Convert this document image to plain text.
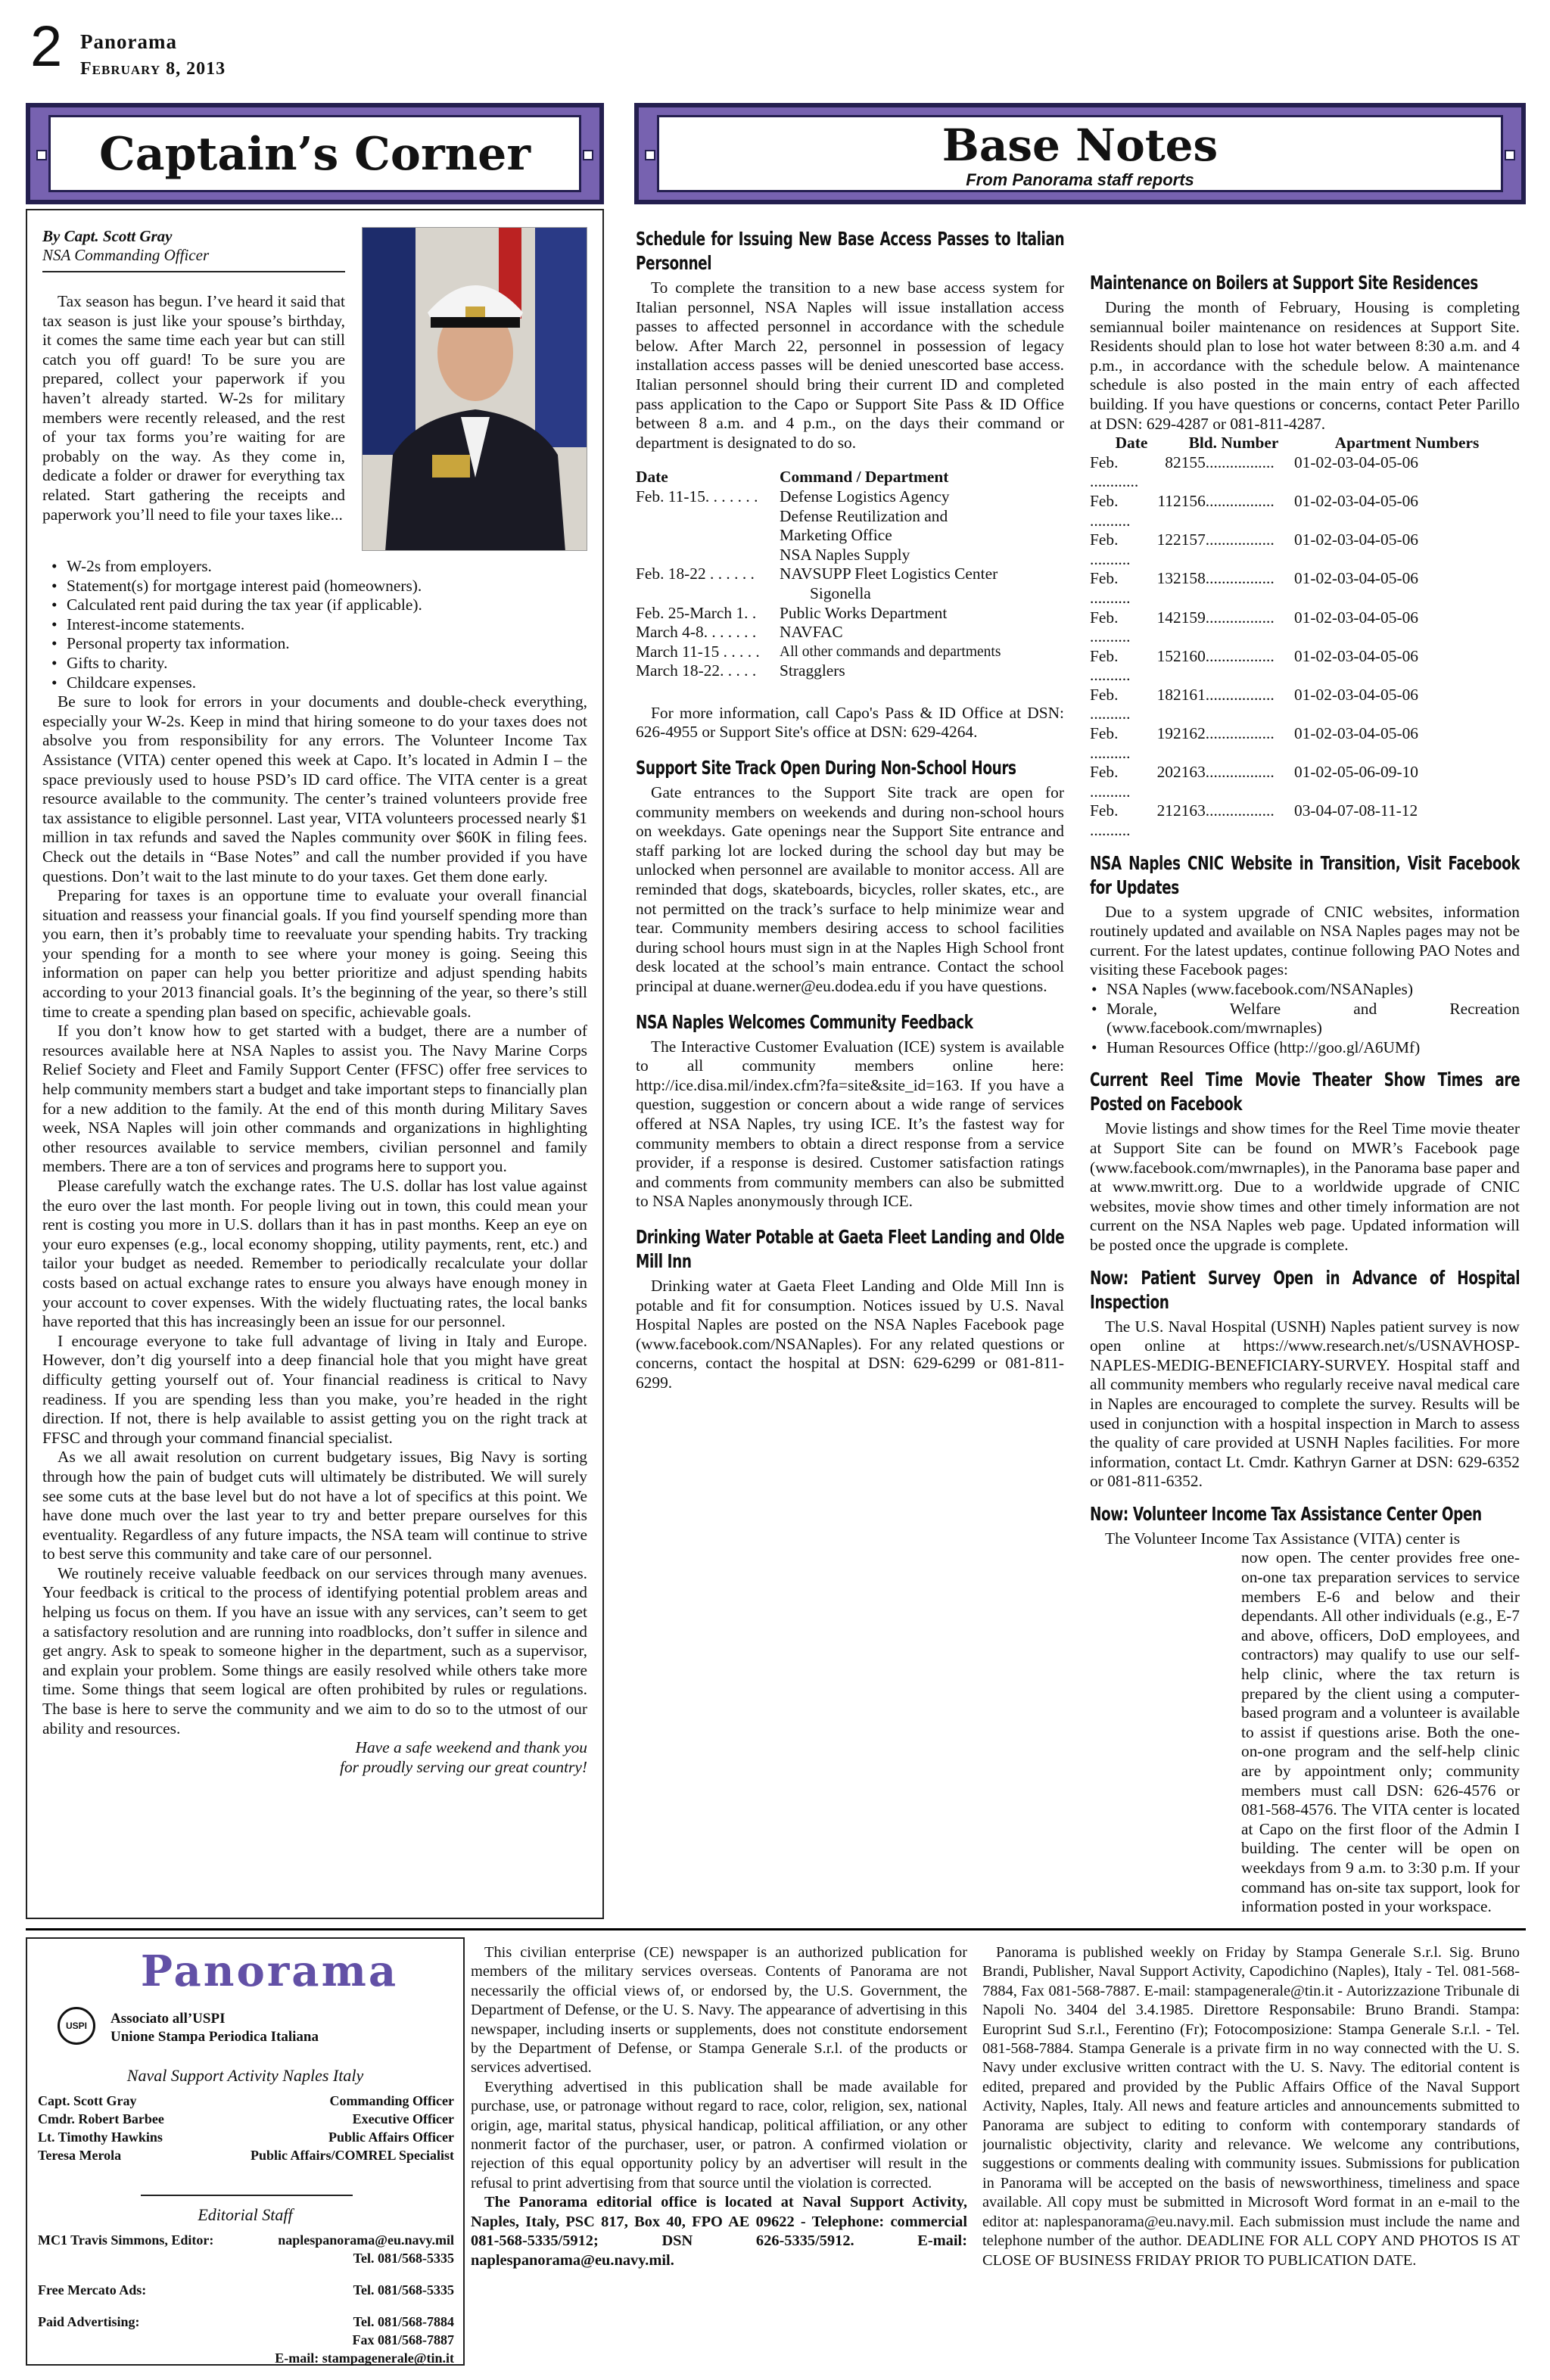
2 Panorama
February 8, 2013
Captain’s Corner	Base Notes
From Panorama staff reports
By Capt. Scott Gray
NSA Commanding Officer

Tax season has begun. I’ve heard it said that tax season is just like your spouse’s birthday, it comes the same time each year but can still catch you off guard! To be sure you are prepared, collect your paperwork if you haven’t already started. W-2s for military members were recently released, and the rest of your tax forms you’re waiting for are probably on the way. As they come in, dedicate a folder or drawer for everything tax related. Start gathering the receipts and paperwork you’ll need to file your taxes like...

• W-2s from employers.
• Statement(s) for mortgage interest paid (homeowners).
• Calculated rent paid during the tax year (if applicable).
• Interest-income statements.
• Personal property tax information.
• Gifts to charity.
• Childcare expenses.

Be sure to look for errors in your documents and double-check everything, especially your W-2s. Keep in mind that hiring someone to do your taxes does not absolve you from responsibility for any errors. The Volunteer Income Tax Assistance (VITA) center opened this week at Capo. It’s located in Admin I – the space previously used to house PSD’s ID card office. The VITA center is a great resource available to the community. The center’s trained volunteers provide free tax assistance to eligible personnel. Last year, VITA volunteers processed nearly $1 million in tax refunds and saved the Naples community over $60K in filing fees. Check out the details in “Base Notes” and call the number provided if you have questions. Don’t wait to the last minute to do your taxes. Get them done early.

Preparing for taxes is an opportune time to evaluate your overall financial situation and reassess your financial goals. If you find yourself spending more than you earn, then it’s probably time to reevaluate your spending habits. Try tracking your spending for a month to see where your money is going. Seeing this information on paper can help you better prioritize and adjust spending habits according to your 2013 financial goals. It’s the beginning of the year, so there’s still time to create a spending plan based on specific, achievable goals.

If you don’t know how to get started with a budget, there are a number of resources available here at NSA Naples to assist you. The Navy Marine Corps Relief Society and Fleet and Family Support Center (FFSC) offer free services to help community members start a budget and take important steps to financially plan for a new addition to the family. At the end of this month during Military Saves week, NSA Naples will join other commands and organizations in highlighting other resources available to service members, civilian personnel and family members. There are a ton of services and programs here to support you.

Please carefully watch the exchange rates. The U.S. dollar has lost value against the euro over the last month. For people living out in town, this could mean your rent is costing you more in U.S. dollars than it has in past months. Keep an eye on your euro expenses (e.g., local economy shopping, utility payments, rent, etc.) and tailor your budget as needed. Remember to periodically recalculate your dollar costs based on actual exchange rates to ensure you always have enough money in your account to cover expenses. With the widely fluctuating rates, the local banks have reported that this has increasingly been an issue for our personnel.

I encourage everyone to take full advantage of living in Italy and Europe. However, don’t dig yourself into a deep financial hole that you might have great difficulty getting yourself out of. Your financial readiness is critical to Navy readiness. If you are spending less than you make, you’re headed in the right direction. If not, there is help available to assist getting you on the right track at FFSC and through your command financial specialist.

As we all await resolution on current budgetary issues, Big Navy is sorting through how the pain of budget cuts will ultimately be distributed. We will surely see some cuts at the base level but do not have a lot of specifics at this point. We have done much over the last year to try and better prepare ourselves for this eventuality. Regardless of any future impacts, the NSA team will continue to strive to best serve this community and take care of our personnel.

We routinely receive valuable feedback on our services through many avenues. Your feedback is critical to the process of identifying potential problem areas and helping us focus on them. If you have an issue with any services, can’t seem to get a satisfactory resolution and are running into roadblocks, don’t suffer in silence and get angry. Ask to speak to someone higher in the department, such as a supervisor, and explain your problem. Some things are easily resolved while others take more time. Some things that seem logical are often prohibited by rules or regulations. The base is here to serve the community and we aim to do so to the utmost of our ability and resources.

Have a safe weekend and thank you
for proudly serving our great country!
Schedule for Issuing New Base Access Passes to Italian Personnel

To complete the transition to a new base access system for Italian personnel, NSA Naples will issue installation access passes to affected personnel in accordance with the schedule below. After March 22, personnel in possession of legacy installation access passes will be denied unescorted base access. Italian personnel should bring their current ID and completed pass application to the Capo or Support Site Pass & ID Office between 8 a.m. and 4 p.m., on the days their command or department is designated to do so.

Date	Command / Department
Feb. 11-15. . . . . . .	Defense Logistics Agency
Defense Reutilization and
Marketing Office
NSA Naples Supply

Feb. 18-22 . . . . . .	NAVSUPP Fleet Logistics Center
Sigonella

Feb. 25-March 1. .	Public Works Department
March 4-8. . . . . . .	NAVFAC
March 11-15 . . . . .	All other commands and departments
March 18-22. . . . .	Stragglers

For more information, call Capo's Pass & ID Office at DSN: 626-4955 or Support Site's office at DSN: 629-4264.

Support Site Track Open During Non-School Hours

Gate entrances to the Support Site track are open for community members on weekends and during non-school hours on weekdays. Gate openings near the Support Site entrance and staff parking lot are locked during the school day but may be unlocked when personnel are available to monitor access. All are reminded that dogs, skateboards, bicycles, roller skates, etc., are not permitted on the track’s surface to help minimize wear and tear. Community members desiring access to school facilities during school hours must sign in at the Naples High School front desk located at the school’s main entrance. Contact the school principal at duane.werner@eu.dodea.edu if you have questions.

NSA Naples Welcomes Community Feedback

The Interactive Customer Evaluation (ICE) system is available to all community members online here: http://ice.disa.mil/index.cfm?fa=site&site_id=163. If you have a question, suggestion or concern about a wide range of services offered at NSA Naples, try using ICE. It’s the fastest way for community members to obtain a direct response from a service provider, if a response is desired. Customer satisfaction ratings and comments from community members can also be submitted to NSA Naples anonymously through ICE.

Drinking Water Potable at Gaeta Fleet Landing and Olde Mill Inn

Drinking water at Gaeta Fleet Landing and Olde Mill Inn is potable and fit for consumption. Notices issued by U.S. Naval Hospital Naples are posted on the NSA Naples Facebook page (www.facebook.com/NSANaples). For any related questions or concerns, contact the hospital at DSN: 629-6299 or 081-811-6299.

Maintenance on Boilers at Support Site Residences

During the month of February, Housing is completing semiannual boiler maintenance on residences at Support Site. Residents should plan to lose hot water between 8:30 a.m. and 4 p.m., in accordance with the schedule below. A maintenance schedule is also posted in the main entry of each affected building. If you have questions or concerns, contact Peter Parillo at DSN: 629-4287 or 081-811-4287.

Date	Bld. Number	Apartment Numbers
Feb. 8 ............	2155.................	01-02-03-04-05-06
Feb. 11 ..........	2156.................	01-02-03-04-05-06
Feb. 12 ..........	2157.................	01-02-03-04-05-06
Feb. 13 ..........	2158.................	01-02-03-04-05-06
Feb. 14 ..........	2159.................	01-02-03-04-05-06
Feb. 15 ..........	2160.................	01-02-03-04-05-06
Feb. 18 ..........	2161.................	01-02-03-04-05-06
Feb. 19 ..........	2162.................	01-02-03-04-05-06
Feb. 20 ..........	2163.................	01-02-05-06-09-10
Feb. 21 ..........	2163.................	03-04-07-08-11-12
NSA Naples CNIC Website in Transition, Visit Facebook for Updates

Due to a system upgrade of CNIC websites, information routinely updated and available on NSA Naples pages may not be current. For the latest updates, continue following PAO Notes and visiting these Facebook pages:

• NSA Naples (www.facebook.com/NSANaples)
• Morale, Welfare and Recreation (www.facebook.com/mwrnaples)
• Human Resources Office (http://goo.gl/A6UMf)
Current Reel Time Movie Theater Show Times are Posted on Facebook

Movie listings and show times for the Reel Time movie theater at Support Site can be found on MWR’s Facebook page (www.facebook.com/mwrnaples), in the Panorama base paper and at www.mwritt.org. Due to a worldwide upgrade of CNIC websites, movie show times and other timely information are not current on the NSA Naples web page. Updated information will be posted once the upgrade is complete.

Now: Patient Survey Open in Advance of Hospital Inspection

The U.S. Naval Hospital (USNH) Naples patient survey is now open online at https://www.research.net/s/USNAVHOSP-NAPLES-MEDIG-BENEFICIARY-SURVEY. Hospital staff and all community members who regularly receive naval medical care in Naples are encouraged to complete the survey. Results will be used in conjunction with a hospital inspection in March to assess the quality of care provided at USNH Naples facilities. For more information, contact Lt. Cmdr. Kathryn Garner at DSN: 629-6352 or 081-811-6352.

Now: Volunteer Income Tax Assistance Center Open

The Volunteer Income Tax Assistance (VITA) center is

now open. The center provides free one-on-one tax preparation services to service members E-6 and below and their dependants. All other individuals (e.g., E-7 and above, officers, DoD employees, and contractors) may qualify to use our self-help clinic, where the tax return is prepared by the client using a computer-based program and a volunteer is available to assist if questions arise. Both the one-on-one program and the self-help clinic are by appointment only; community members must call DSN: 626-4576 or 081-568-4576. The VITA center is located at Capo on the first floor of the Admin I building. The center will be open on weekdays from 9 a.m. to 3:30 p.m. If your command has on-site tax support, look for information posted in your workspace.

Panorama
USPI	Associato all’USPI
Unione Stampa Periodica Italiana
Naval Support Activity Naples Italy
Capt. Scott Gray	Commanding Officer
Cmdr. Robert Barbee	Executive Officer
Lt. Timothy Hawkins	Public Affairs Officer
Teresa Merola	Public Affairs/COMREL Specialist
Editorial Staff
MC1 Travis Simmons, Editor:	naplespanorama@eu.navy.mil
Tel. 081/568-5335
Free Mercato Ads:	Tel. 081/568-5335
Paid Advertising:	Tel. 081/568-7884
Fax 081/568-7887
E-mail: stampagenerale@tin.it

This civilian enterprise (CE) newspaper is an authorized publication for members of the military services overseas. Contents of Panorama are not necessarily the official views of, or endorsed by, the U.S. Government, the Department of Defense, or the U. S. Navy. The appearance of advertising in this newspaper, including inserts or supplements, does not constitute endorsement by the Department of Defense, or Stampa Generale S.r.l. of the products or services advertised.

Everything advertised in this publication shall be made available for purchase, use, or patronage without regard to race, color, religion, sex, national origin, age, marital status, physical handicap, political affiliation, or any other nonmerit factor of the purchaser, user, or patron. A confirmed violation or rejection of this equal opportunity policy by an advertiser will result in the refusal to print advertising from that source until the violation is corrected.

The Panorama editorial office is located at Naval Support Activity, Naples, Italy, PSC 817, Box 40, FPO AE 09622 - Telephone: commercial 081-568-5335/5912; DSN 626-5335/5912. E-mail: naplespanorama@eu.navy.mil.

Panorama is published weekly on Friday by Stampa Generale S.r.l. Sig. Bruno Brandi, Publisher, Naval Support Activity, Capodichino (Naples), Italy - Tel. 081-568-7884, Fax 081-568-7887. E-mail: stampagenerale@tin.it - Autorizzazione Tribunale di Napoli No. 3404 del 3.4.1985. Direttore Responsabile: Bruno Brandi. Stampa: Europrint Sud S.r.l., Ferentino (Fr); Fotocomposizione: Stampa Generale S.r.l. - Tel. 081-568-7884. Stampa Generale is a private firm in no way connected with the U. S. Navy under exclusive written contract with the U. S. Navy. The editorial content is edited, prepared and provided by the Public Affairs Office of the Naval Support Activity, Naples, Italy. All news and feature articles and announcements submitted to Panorama are subject to editing to conform with contemporary standards of journalistic objectivity, clarity and relevance. We welcome any contributions, suggestions or comments dealing with community issues. Submissions for publication in Panorama will be accepted on the basis of newsworthiness, timeliness and space available. All copy must be submitted in Microsoft Word format in an e-mail to the editor at: naplespanorama@eu.navy.mil. Each submission must include the name and telephone number of the author. DEADLINE FOR ALL COPY AND PHOTOS IS AT CLOSE OF BUSINESS FRIDAY PRIOR TO PUBLICATION DATE.
